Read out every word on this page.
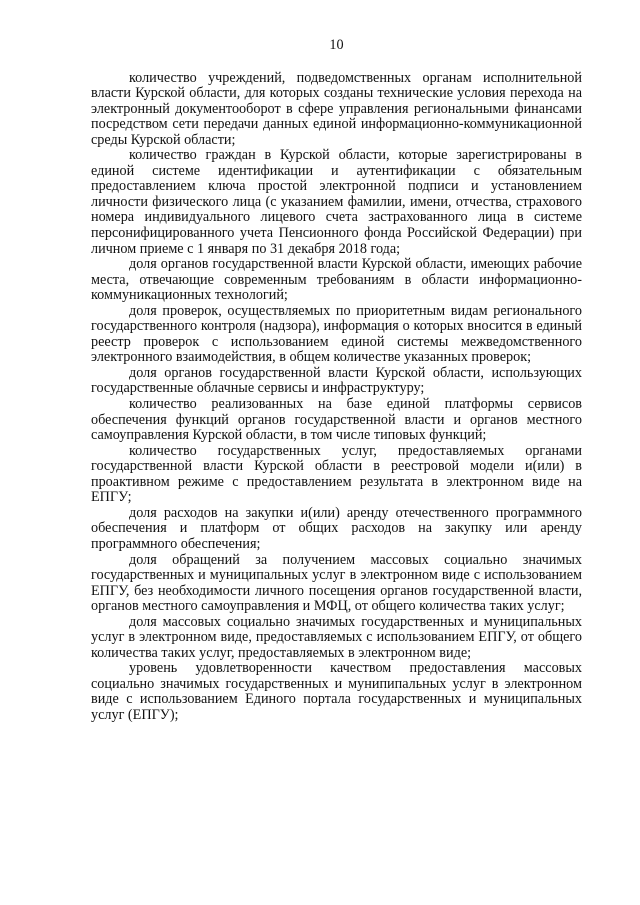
10

количество учреждений, подведомственных органам исполнительной власти Курской области, для которых созданы технические условия перехода на электронный документооборот в сфере управления региональными финансами посредством сети передачи данных единой информационно-коммуникационной среды Курской области;

количество граждан в Курской области, которые зарегистрированы в единой системе идентификации и аутентификации с обязательным предоставлением ключа простой электронной подписи и установлением личности физического лица (с указанием фамилии, имени, отчества, страхового номера индивидуального лицевого счета застрахованного лица в системе персонифицированного учета Пенсионного фонда Российской Федерации) при личном приеме с 1 января по 31 декабря 2018 года;

доля органов государственной власти Курской области, имеющих рабочие места, отвечающие современным требованиям в области информационно-коммуникационных технологий;

доля проверок, осуществляемых по приоритетным видам регионального государственного контроля (надзора), информация о которых вносится в единый реестр проверок с использованием единой системы межведомственного электронного взаимодействия, в общем количестве указанных проверок;

доля органов государственной власти Курской области, использующих государственные облачные сервисы и инфраструктуру;

количество реализованных на базе единой платформы сервисов обеспечения функций органов государственной власти и органов местного самоуправления Курской области, в том числе типовых функций;

количество государственных услуг, предоставляемых органами государственной власти Курской области в реестровой модели и(или) в проактивном режиме с предоставлением результата в электронном виде на ЕПГУ;

доля расходов на закупки и(или) аренду отечественного программного обеспечения и платформ от общих расходов на закупку или аренду программного обеспечения;

доля обращений за получением массовых социально значимых государственных и муниципальных услуг в электронном виде с использованием ЕПГУ, без необходимости личного посещения органов государственной власти, органов местного самоуправления и МФЦ, от общего количества таких услуг;

доля массовых социально значимых государственных и муниципальных услуг в электронном виде, предоставляемых с использованием ЕПГУ, от общего количества таких услуг, предоставляемых в электронном виде;

уровень удовлетворенности качеством предоставления массовых социально значимых государственных и мунипипальных услуг в электронном виде с использованием Единого портала государственных и муниципальных услуг (ЕПГУ);
